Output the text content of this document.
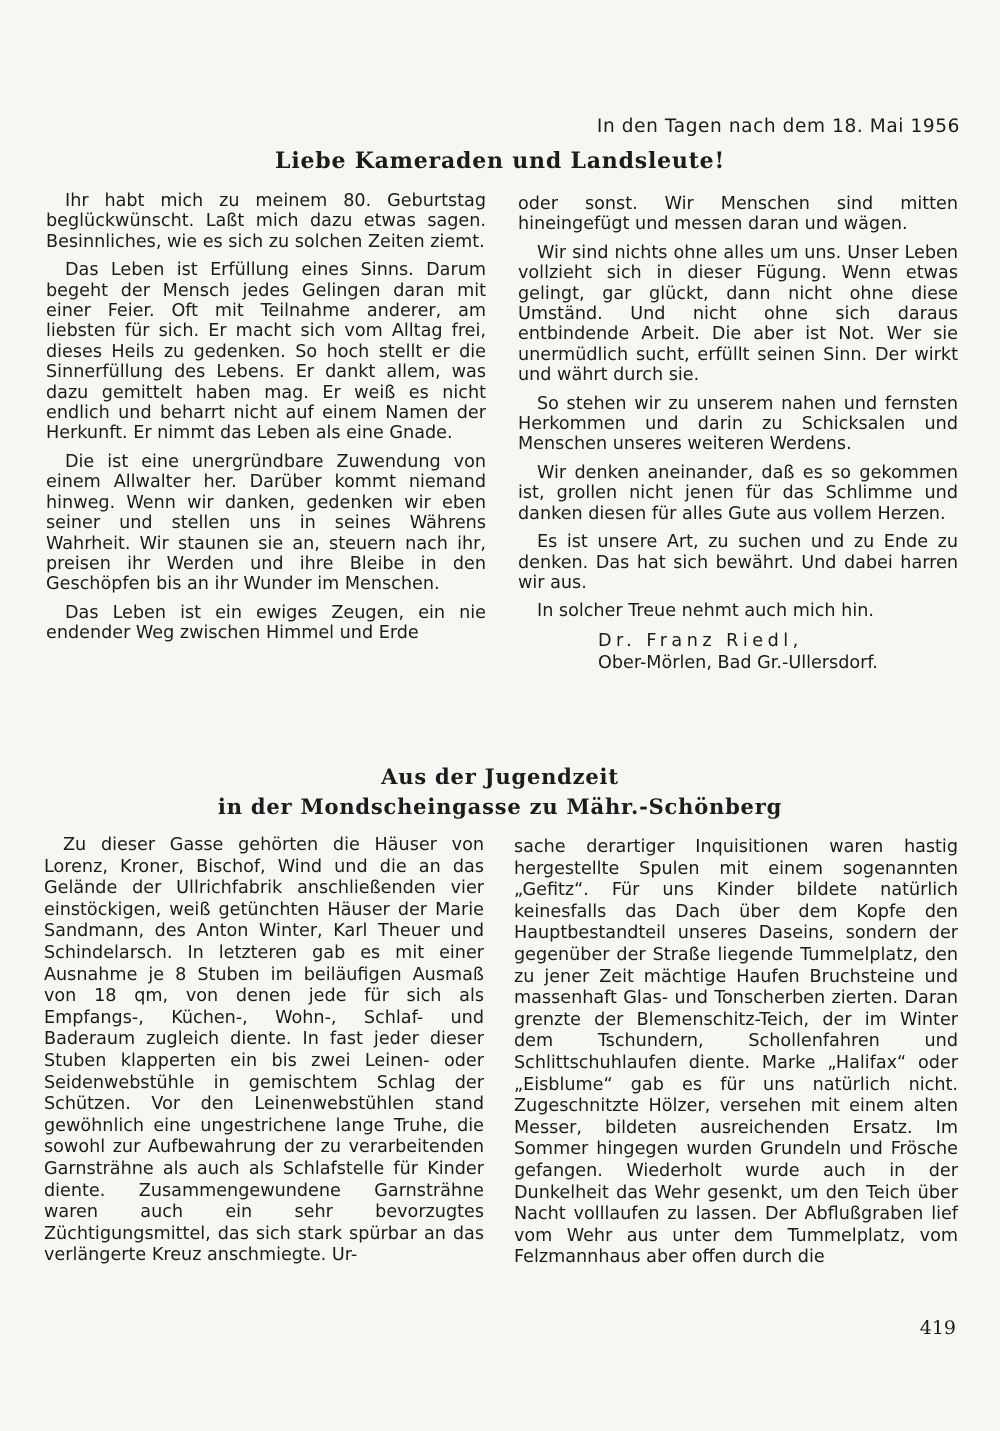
In den Tagen nach dem 18. Mai 1956
Liebe Kameraden und Landsleute!

Ihr habt mich zu meinem 80. Geburtstag beglückwünscht. Laßt mich dazu etwas sagen. Besinnliches, wie es sich zu solchen Zeiten ziemt.

Das Leben ist Erfüllung eines Sinns. Darum begeht der Mensch jedes Gelingen daran mit einer Feier. Oft mit Teilnahme anderer, am liebsten für sich. Er macht sich vom Alltag frei, dieses Heils zu gedenken. So hoch stellt er die Sinnerfüllung des Lebens. Er dankt allem, was dazu gemittelt haben mag. Er weiß es nicht endlich und beharrt nicht auf einem Namen der Herkunft. Er nimmt das Leben als eine Gnade.

Die ist eine unergründbare Zuwendung von einem Allwalter her. Darüber kommt niemand hinweg. Wenn wir danken, gedenken wir eben seiner und stellen uns in seines Währens Wahrheit. Wir staunen sie an, steuern nach ihr, preisen ihr Werden und ihre Bleibe in den Geschöpfen bis an ihr Wunder im Menschen.

Das Leben ist ein ewiges Zeugen, ein nie endender Weg zwischen Himmel und Erde

oder sonst. Wir Menschen sind mitten hineingefügt und messen daran und wägen.

Wir sind nichts ohne alles um uns. Unser Leben vollzieht sich in dieser Fügung. Wenn etwas gelingt, gar glückt, dann nicht ohne diese Umständ. Und nicht ohne sich daraus entbindende Arbeit. Die aber ist Not. Wer sie unermüdlich sucht, erfüllt seinen Sinn. Der wirkt und währt durch sie.

So stehen wir zu unserem nahen und fernsten Herkommen und darin zu Schicksalen und Menschen unseres weiteren Werdens.

Wir denken aneinander, daß es so gekommen ist, grollen nicht jenen für das Schlimme und danken diesen für alles Gute aus vollem Herzen.

Es ist unsere Art, zu suchen und zu Ende zu denken. Das hat sich bewährt. Und dabei harren wir aus.

In solcher Treue nehmt auch mich hin.

Dr. Franz Riedl,
Ober-Mörlen, Bad Gr.-Ullersdorf.
Aus der Jugendzeit
in der Mondscheingasse zu Mähr.-Schönberg

Zu dieser Gasse gehörten die Häuser von Lorenz, Kroner, Bischof, Wind und die an das Gelände der Ullrichfabrik anschließenden vier einstöckigen, weiß getünchten Häuser der Marie Sandmann, des Anton Winter, Karl Theuer und Schindelarsch. In letzteren gab es mit einer Ausnahme je 8 Stuben im beiläufigen Ausmaß von 18 qm, von denen jede für sich als Empfangs-, Küchen-, Wohn-, Schlaf- und Baderaum zugleich diente. In fast jeder dieser Stuben klapperten ein bis zwei Leinen- oder Seidenwebstühle in gemischtem Schlag der Schützen. Vor den Leinenwebstühlen stand gewöhnlich eine ungestrichene lange Truhe, die sowohl zur Aufbewahrung der zu verarbeitenden Garnsträhne als auch als Schlafstelle für Kinder diente. Zusammengewundene Garnsträhne waren auch ein sehr bevorzugtes Züchtigungsmittel, das sich stark spürbar an das verlängerte Kreuz anschmiegte. Ur-

sache derartiger Inquisitionen waren hastig hergestellte Spulen mit einem sogenannten „Gefitz“. Für uns Kinder bildete natürlich keinesfalls das Dach über dem Kopfe den Hauptbestandteil unseres Daseins, sondern der gegenüber der Straße liegende Tummelplatz, den zu jener Zeit mächtige Haufen Bruchsteine und massenhaft Glas- und Tonscherben zierten. Daran grenzte der Blemenschitz-Teich, der im Winter dem Tschundern, Schollenfahren und Schlittschuhlaufen diente. Marke „Halifax“ oder „Eisblume“ gab es für uns natürlich nicht. Zugeschnitzte Hölzer, versehen mit einem alten Messer, bildeten ausreichenden Ersatz. Im Sommer hingegen wurden Grundeln und Frösche gefangen. Wiederholt wurde auch in der Dunkelheit das Wehr gesenkt, um den Teich über Nacht volllaufen zu lassen. Der Abflußgraben lief vom Wehr aus unter dem Tummelplatz, vom Felzmannhaus aber offen durch die

419
